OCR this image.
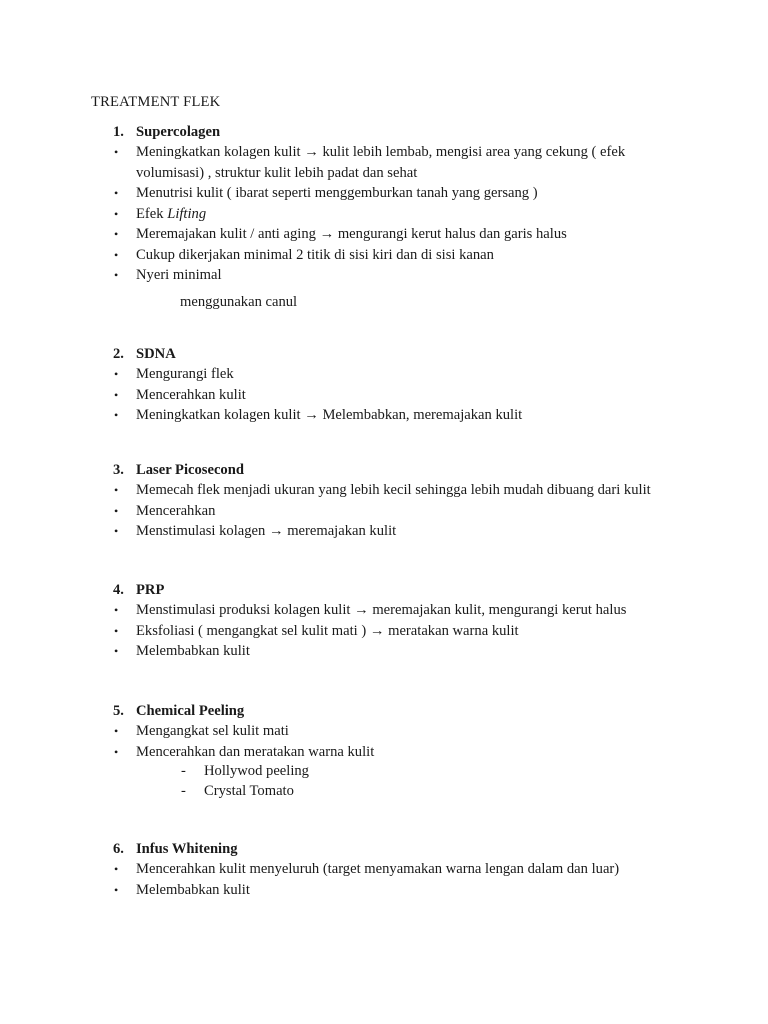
TREATMENT FLEK
1. Supercolagen
• Meningkatkan kolagen kulit → kulit lebih lembab, mengisi area yang cekung ( efek volumisasi) , struktur kulit lebih padat dan sehat
• Menutrisi kulit ( ibarat seperti menggemburkan tanah yang gersang )
• Efek Lifting
• Meremajakan kulit / anti aging → mengurangi kerut halus dan garis halus
• Cukup dikerjakan minimal 2 titik di sisi kiri dan di sisi kanan
• Nyeri minimal
menggunakan canul
2. SDNA
• Mengurangi flek
• Mencerahkan kulit
• Meningkatkan kolagen kulit → Melembabkan, meremajakan kulit
3. Laser Picosecond
• Memecah flek menjadi ukuran yang lebih kecil sehingga lebih mudah dibuang dari kulit
• Mencerahkan
• Menstimulasi kolagen → meremajakan kulit
4. PRP
• Menstimulasi produksi kolagen kulit → meremajakan kulit, mengurangi kerut halus
• Eksfoliasi ( mengangkat sel kulit mati ) → meratakan warna kulit
• Melembabkan kulit
5. Chemical Peeling
• Mengangkat sel kulit mati
• Mencerahkan dan meratakan warna kulit
- Hollywod peeling
- Crystal Tomato
6. Infus Whitening
• Mencerahkan kulit menyeluruh (target menyamakan warna lengan dalam dan luar)
• Melembabkan kulit
